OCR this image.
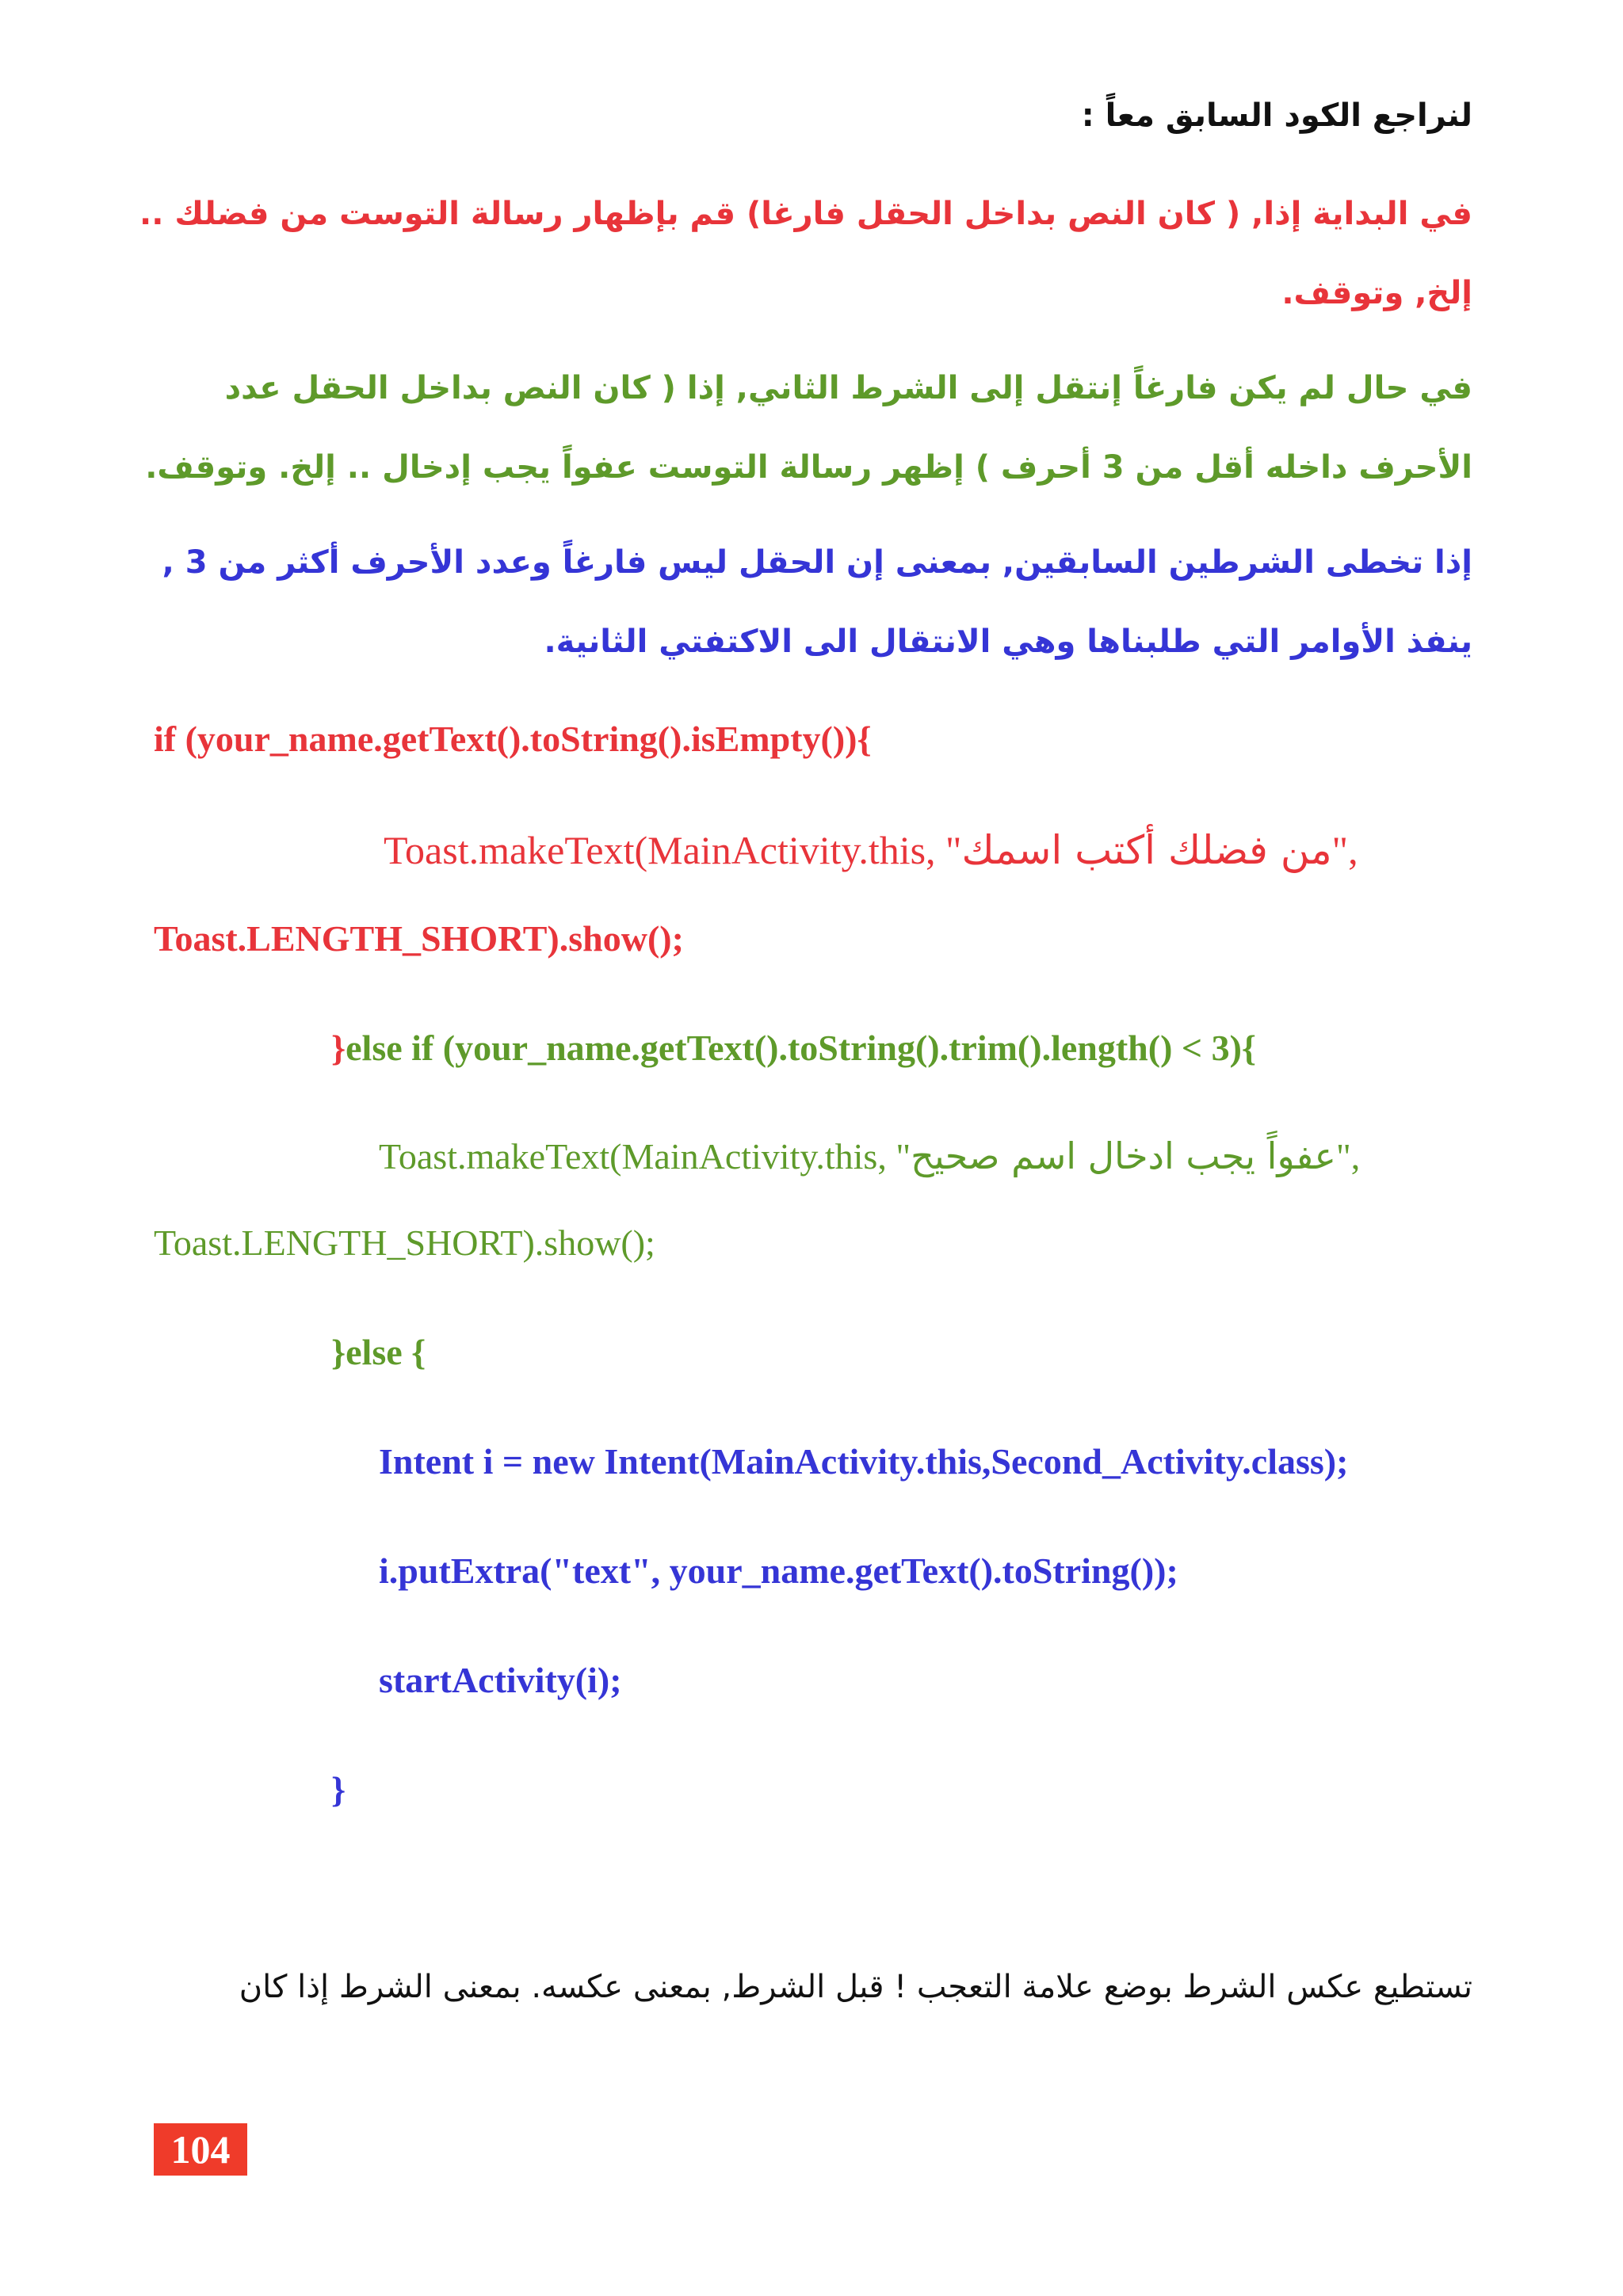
لنراجع الكود السابق معاً :
في البداية إذا, ( كان النص بداخل الحقل فارغا) قم بإظهار رسالة التوست من فضلك ..
إلخ, وتوقف.
في حال لم يكن فارغاً إنتقل إلى الشرط الثاني, إذا ( كان النص بداخل الحقل عدد
الأحرف داخله أقل من 3 أحرف ) إظهر رسالة التوست عفواً يجب إدخال .. إلخ. وتوقف.
إذا تخطى الشرطين السابقين, بمعنى إن الحقل ليس فارغاً وعدد الأحرف أكثر من 3 ,
ينفذ الأوامر التي طلبناها وهي الانتقال الى الاكتفتي الثانية.
if (your_name.getText().toString().isEmpty()){
Toast.makeText(MainActivity.this, "من فضلك أكتب اسمك",
Toast.LENGTH_SHORT).show();
}else if (your_name.getText().toString().trim().length() < 3){
Toast.makeText(MainActivity.this, "عفواً يجب ادخال اسم صحيح",
Toast.LENGTH_SHORT).show();
}else {
Intent i = new Intent(MainActivity.this,Second_Activity.class);
i.putExtra("text", your_name.getText().toString());
startActivity(i);
}
تستطيع عكس الشرط بوضع علامة التعجب ! قبل الشرط, بمعنى عكسه. بمعنى الشرط إذا كان
104
